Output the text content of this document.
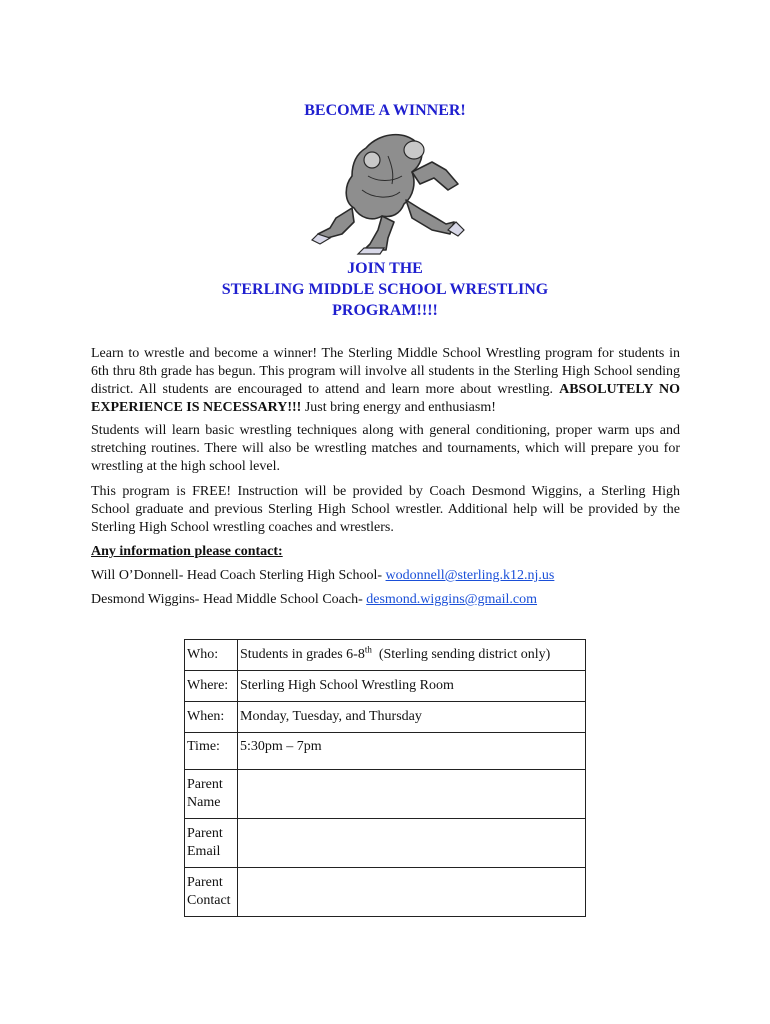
BECOME A WINNER!
JOIN THE
STERLING MIDDLE SCHOOL WRESTLING
PROGRAM!!!!

Learn to wrestle and become a winner! The Sterling Middle School Wrestling program for students in 6th thru 8th grade has begun. This program will involve all students in the Sterling High School sending district. All students are encouraged to attend and learn more about wrestling. ABSOLUTELY NO EXPERIENCE IS NECESSARY!!! Just bring energy and enthusiasm!

Students will learn basic wrestling techniques along with general conditioning, proper warm ups and stretching routines. There will also be wrestling matches and tournaments, which will prepare you for wrestling at the high school level.

This program is FREE! Instruction will be provided by Coach Desmond Wiggins, a Sterling High School graduate and previous Sterling High School wrestler. Additional help will be provided by the Sterling High School wrestling coaches and wrestlers.

Any information please contact:

Will O’Donnell- Head Coach Sterling High School- wodonnell@sterling.k12.nj.us

Desmond Wiggins- Head Middle School Coach- desmond.wiggins@gmail.com

Who:	Students in grades 6-8th  (Sterling sending district only)
Where:	Sterling High School Wrestling Room
When:	Monday, Tuesday, and Thursday
Time:	5:30pm – 7pm

Parent
Name	

Parent
Email	

Parent
Contact	
